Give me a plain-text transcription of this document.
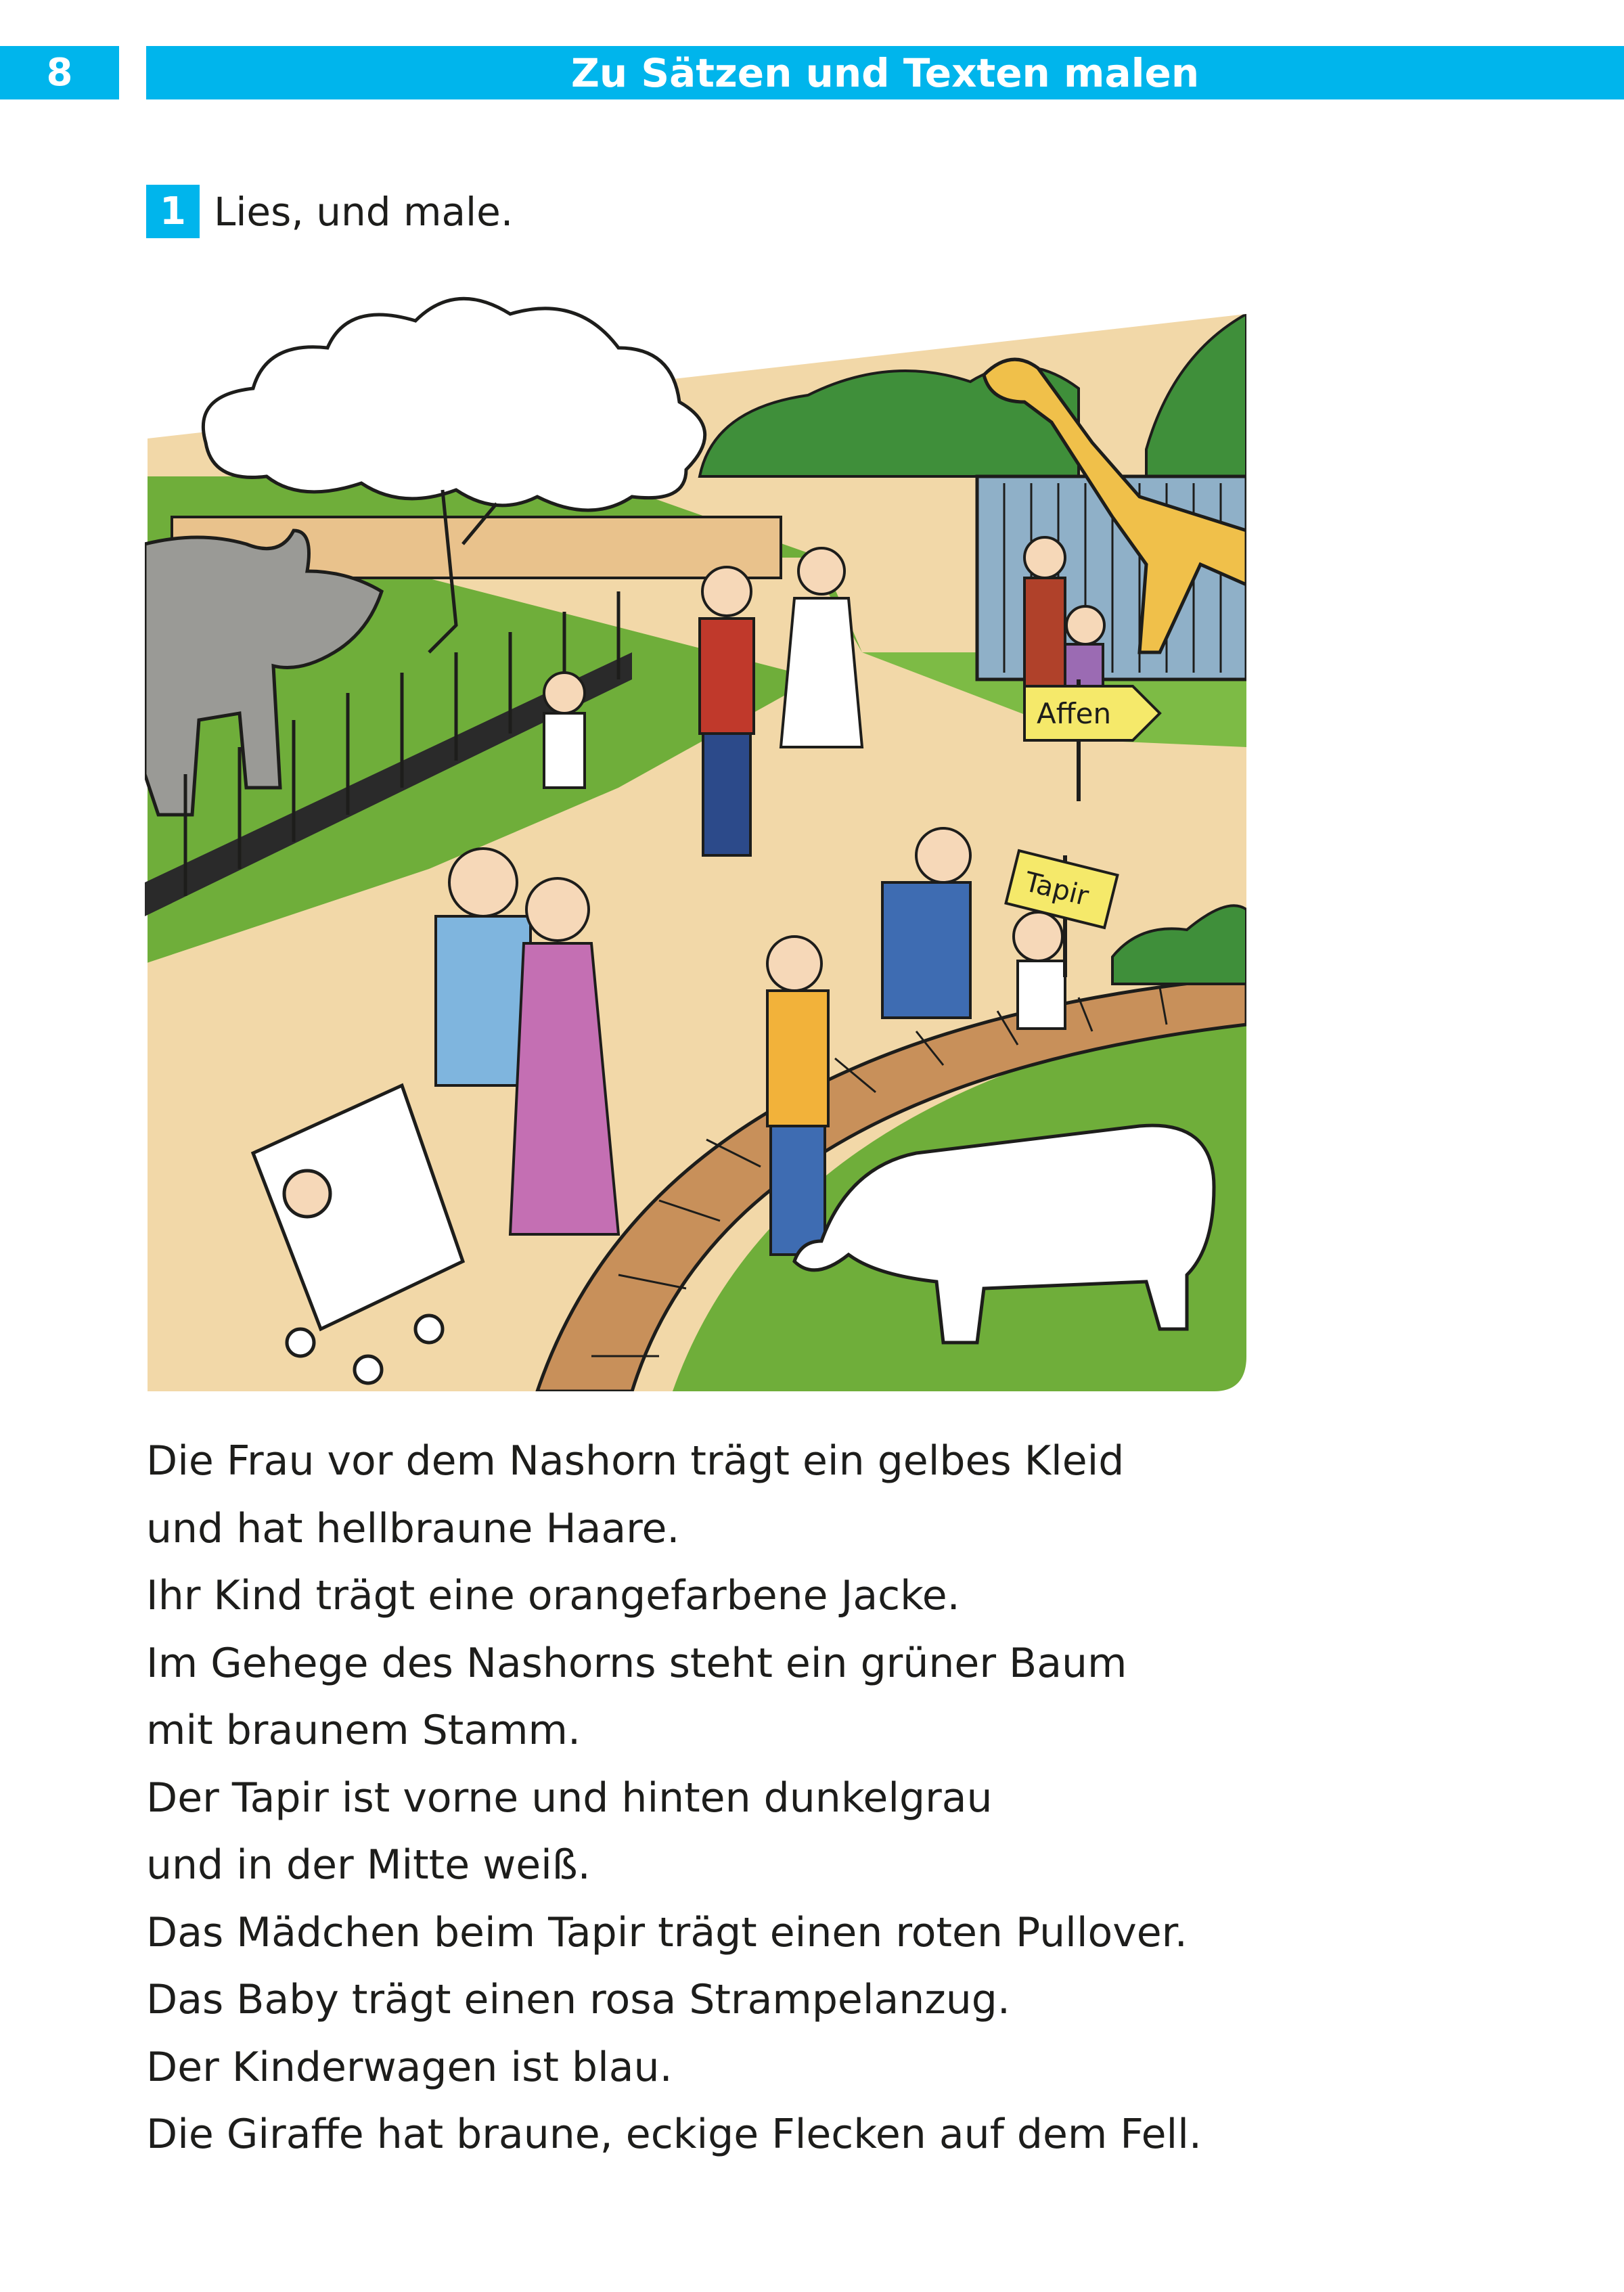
8	Zu Sätzen und Texten malen
1 Lies, und male.
Affen
Tapir
Die Frau vor dem Nashorn trägt ein gelbes Kleid
und hat hellbraune Haare.
Ihr Kind trägt eine orangefarbene Jacke.
Im Gehege des Nashorns steht ein grüner Baum
mit braunem Stamm.
Der Tapir ist vorne und hinten dunkelgrau
und in der Mitte weiß.
Das Mädchen beim Tapir trägt einen roten Pullover.
Das Baby trägt einen rosa Strampelanzug.
Der Kinderwagen ist blau.
Die Giraffe hat braune, eckige Flecken auf dem Fell.
